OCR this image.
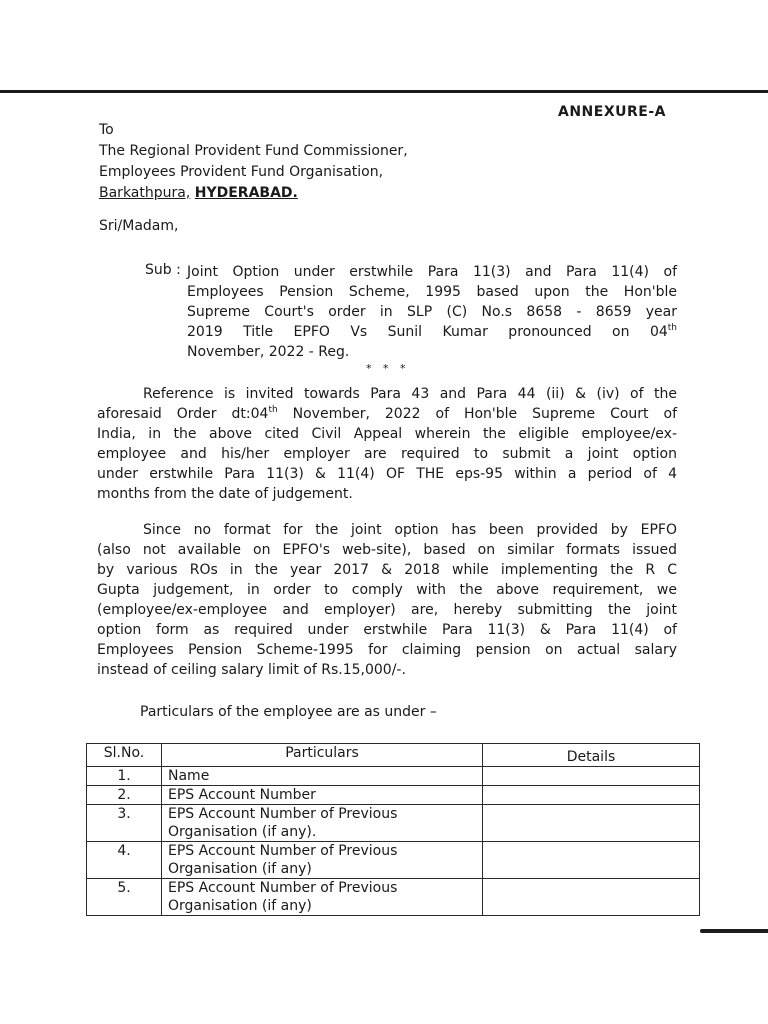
ANNEXURE-A
To
The Regional Provident Fund Commissioner,
Employees Provident Fund Organisation,
Barkathpura, HYDERABAD.
Sri/Madam,
Sub : Joint Option under erstwhile Para 11(3) and Para 11(4) of
Employees Pension Scheme, 1995 based upon the Hon'ble
Supreme Court's order in SLP (C) No.s 8658 - 8659 year
2019 Title EPFO Vs Sunil Kumar pronounced on 04th
November, 2022 - Reg.
* * *
Reference is invited towards Para 43 and Para 44 (ii) & (iv) of the
aforesaid Order dt:04th November, 2022 of Hon'ble Supreme Court of
India, in the above cited Civil Appeal wherein the eligible employee/ex-
employee and his/her employer are required to submit a joint option
under erstwhile Para 11(3) & 11(4) OF THE eps-95 within a period of 4
months from the date of judgement.
Since no format for the joint option has been provided by EPFO
(also not available on EPFO's web-site), based on similar formats issued
by various ROs in the year 2017 & 2018 while implementing the R C
Gupta judgement, in order to comply with the above requirement, we
(employee/ex-employee and employer) are, hereby submitting the joint
option form as required under erstwhile Para 11(3) & Para 11(4) of
Employees Pension Scheme-1995 for claiming pension on actual salary
instead of ceiling salary limit of Rs.15,000/-.
Particulars of the employee are as under –
Sl.No.	Particulars	Details
1.	Name	
2.	EPS Account Number	
3.	EPS Account Number of Previous
Organisation (if any).	

4.	EPS Account Number of Previous
Organisation (if any)	

5.	EPS Account Number of Previous
Organisation (if any)	
